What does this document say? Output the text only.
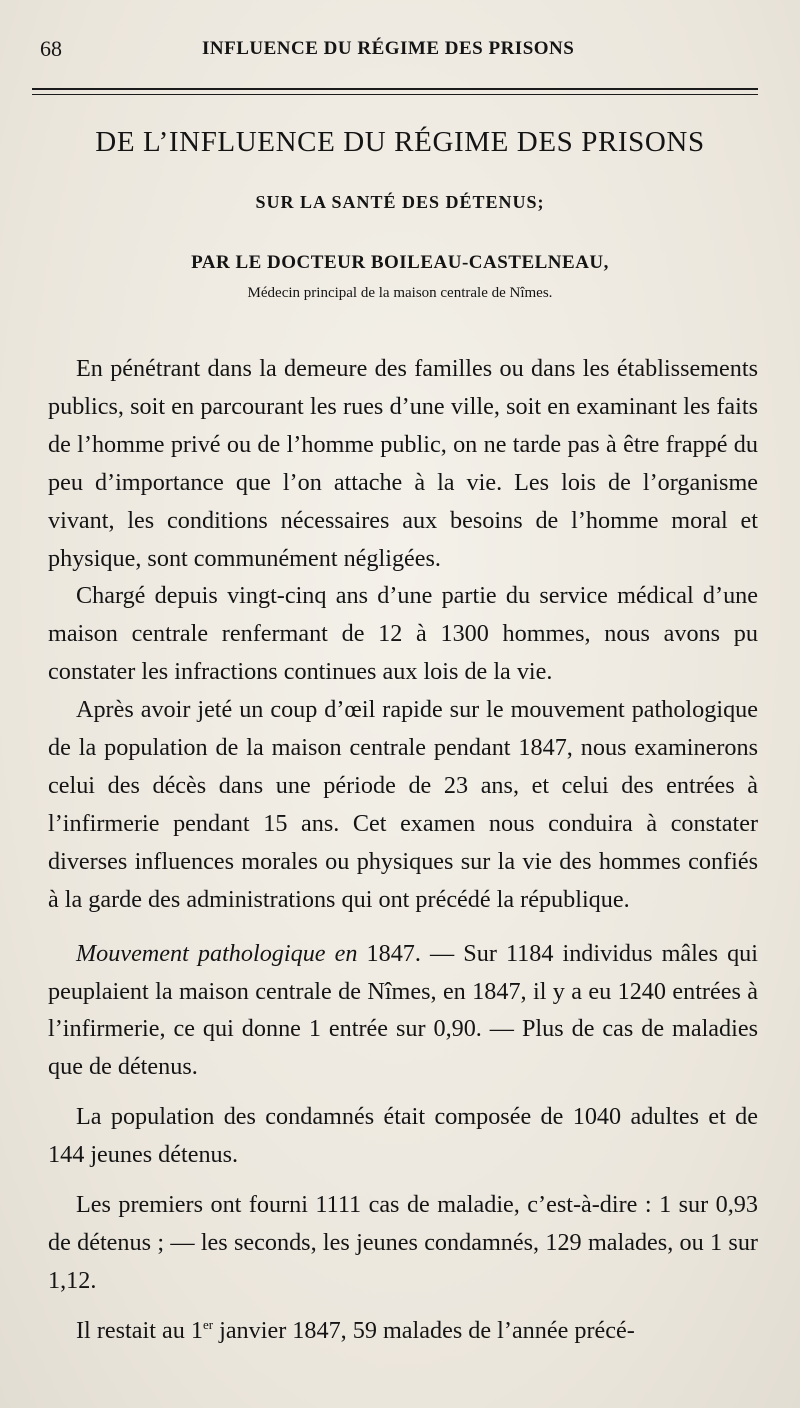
68	INFLUENCE DU RÉGIME DES PRISONS
DE L’INFLUENCE DU RÉGIME DES PRISONS
SUR LA SANTÉ DES DÉTENUS;
PAR LE DOCTEUR BOILEAU-CASTELNEAU,
Médecin principal de la maison centrale de Nîmes.

En pénétrant dans la demeure des familles ou dans les établissements publics, soit en parcourant les rues d’une ville, soit en examinant les faits de l’homme privé ou de l’homme public, on ne tarde pas à être frappé du peu d’importance que l’on attache à la vie. Les lois de l’organisme vivant, les conditions nécessaires aux besoins de l’homme moral et physique, sont communément négligées.

Chargé depuis vingt-cinq ans d’une partie du service médical d’une maison centrale renfermant de 12 à 1300 hommes, nous avons pu constater les infractions continues aux lois de la vie.

Après avoir jeté un coup d’œil rapide sur le mouvement pathologique de la population de la maison centrale pendant 1847, nous examinerons celui des décès dans une période de 23 ans, et celui des entrées à l’infirmerie pendant 15 ans. Cet examen nous conduira à constater diverses influences morales ou physiques sur la vie des hommes confiés à la garde des administrations qui ont précédé la république.

Mouvement pathologique en 1847. — Sur 1184 individus mâles qui peuplaient la maison centrale de Nîmes, en 1847, il y a eu 1240 entrées à l’infirmerie, ce qui donne 1 entrée sur 0,90. — Plus de cas de maladies que de détenus.

La population des condamnés était composée de 1040 adultes et de 144 jeunes détenus.

Les premiers ont fourni 1111 cas de maladie, c’est-à-dire : 1 sur 0,93 de détenus ; — les seconds, les jeunes condamnés, 129 malades, ou 1 sur 1,12.

Il restait au 1er janvier 1847, 59 malades de l’année précé-
